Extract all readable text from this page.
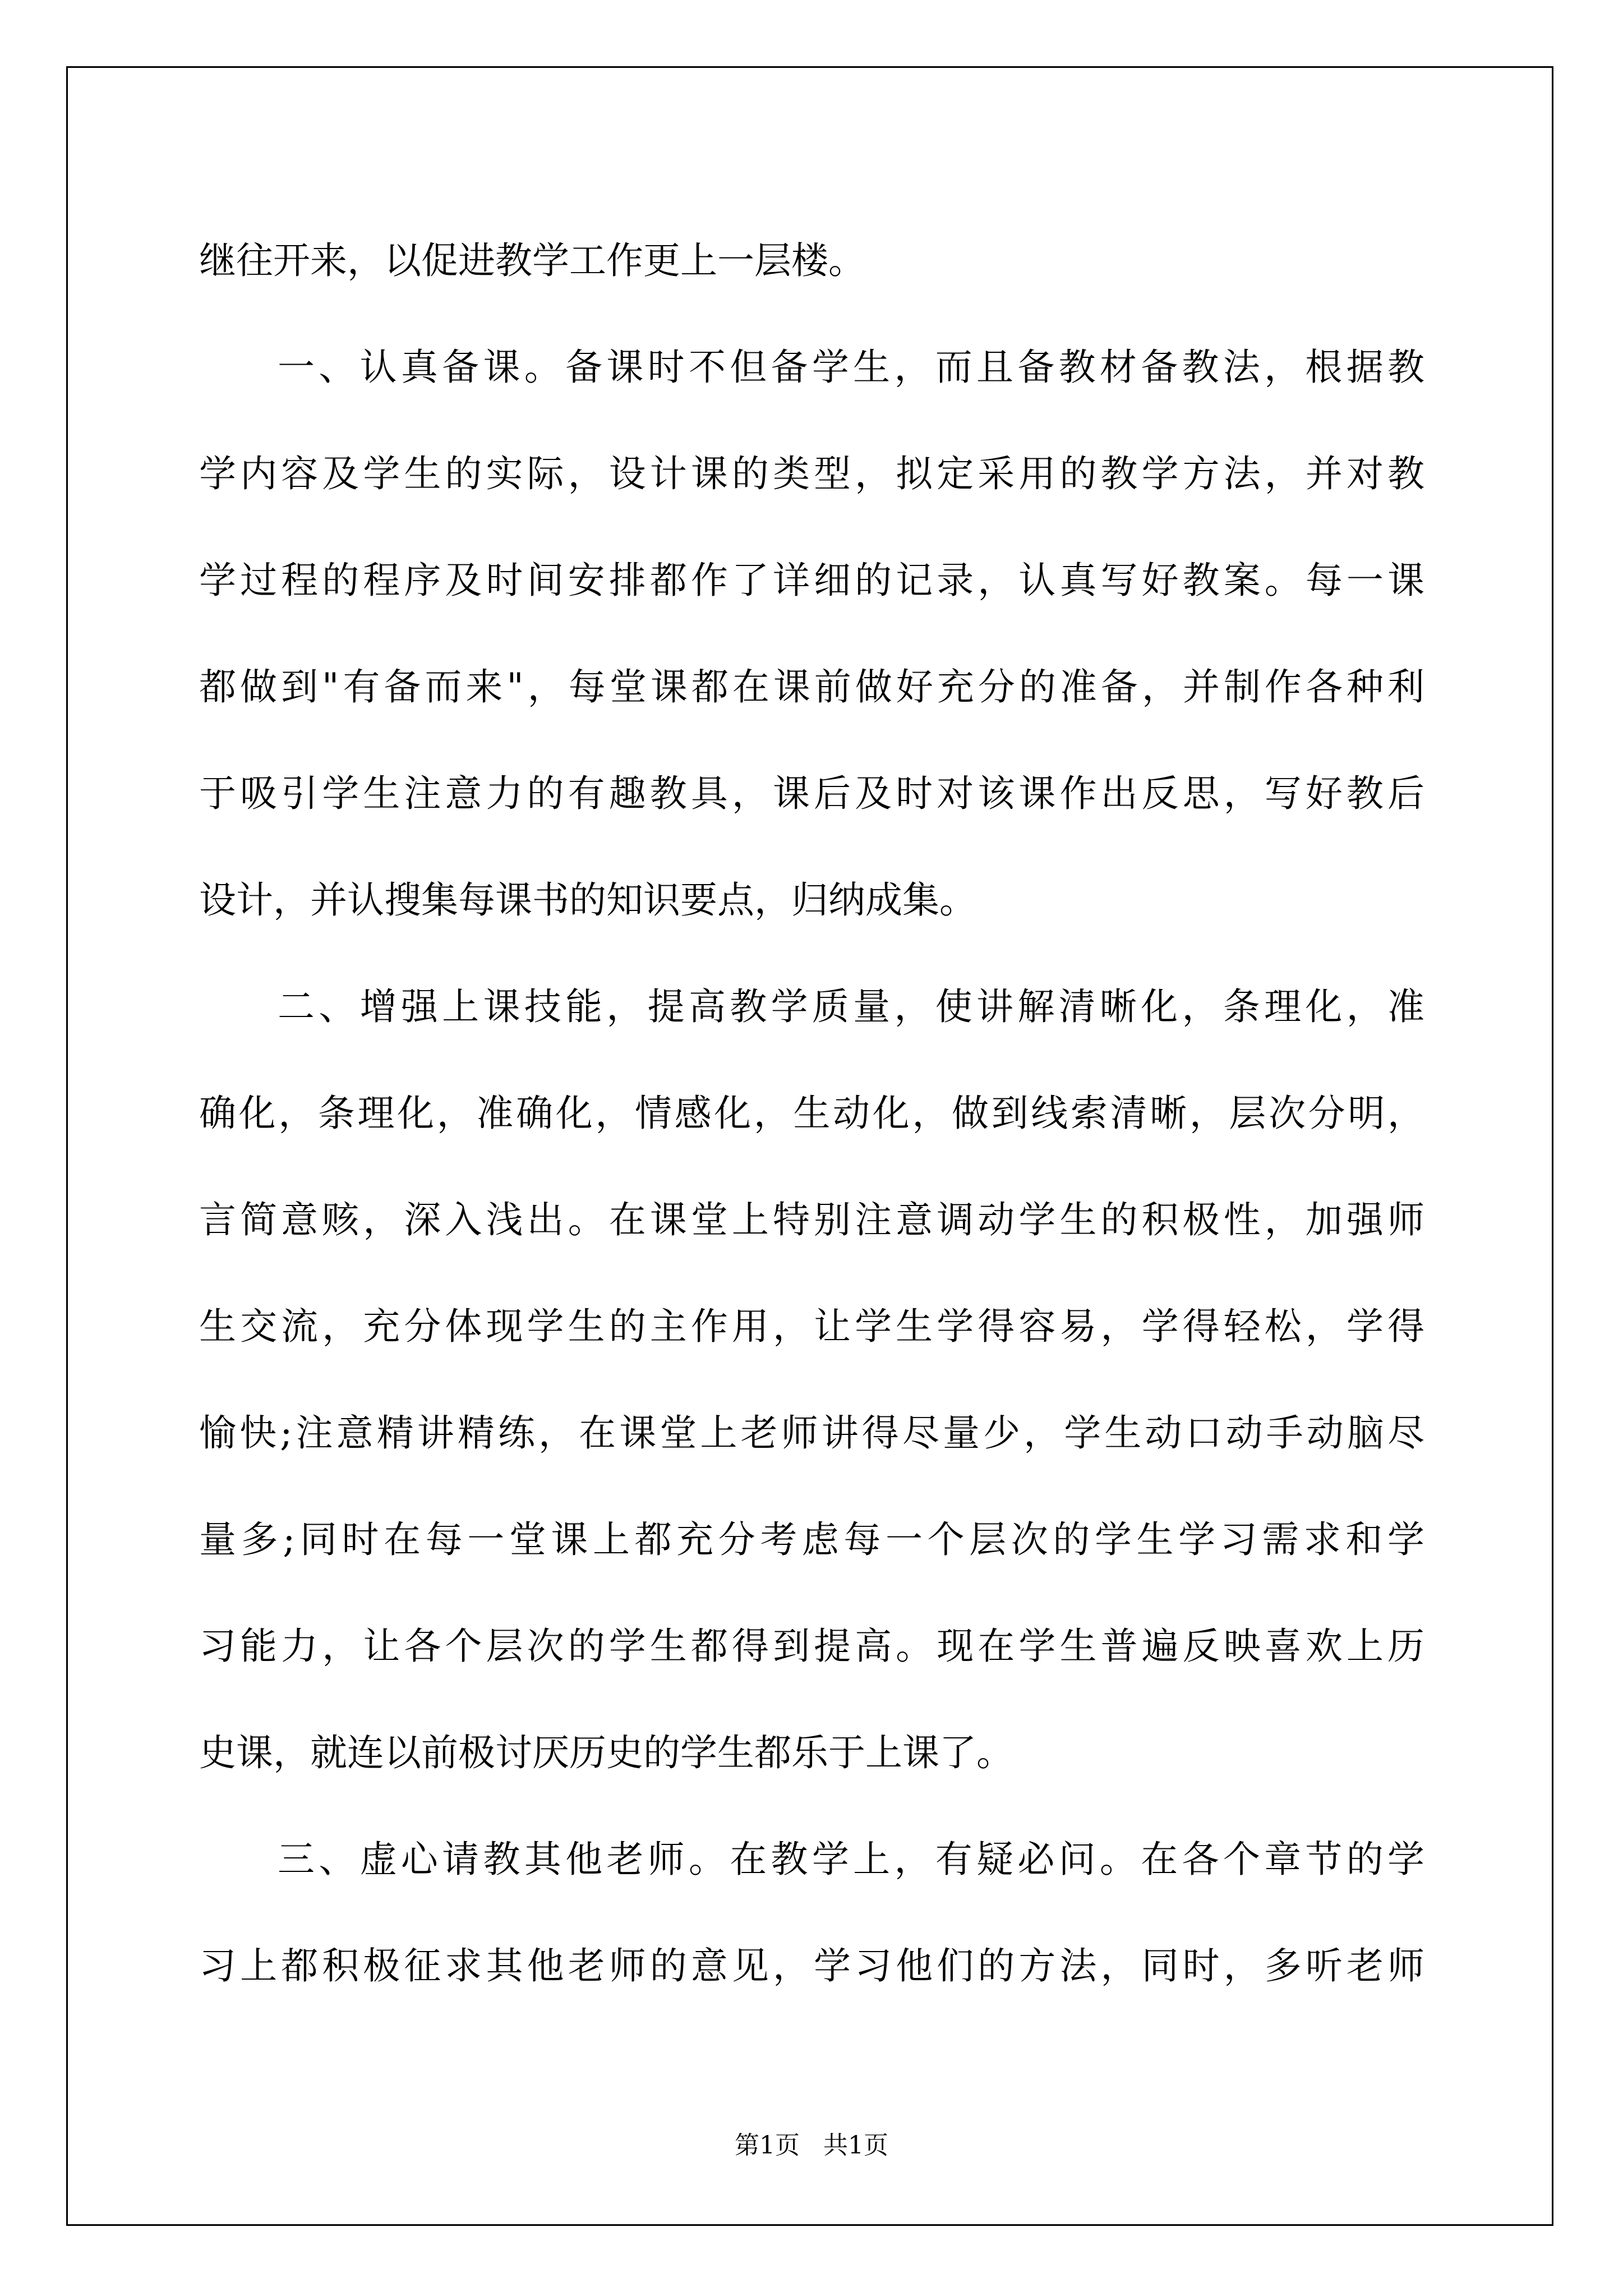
继往开来，以促进教学工作更上一层楼。
一、认真备课。备课时不但备学生，而且备教材备教法，根据教
学内容及学生的实际，设计课的类型，拟定采用的教学方法，并对教
学过程的程序及时间安排都作了详细的记录，认真写好教案。每一课
都做到"有备而来"，每堂课都在课前做好充分的准备，并制作各种利
于吸引学生注意力的有趣教具，课后及时对该课作出反思，写好教后
设计，并认搜集每课书的知识要点，归纳成集。
二、增强上课技能，提高教学质量，使讲解清晰化，条理化，准
确化，条理化，准确化，情感化，生动化，做到线索清晰，层次分明，
言简意赅，深入浅出。在课堂上特别注意调动学生的积极性，加强师
生交流，充分体现学生的主作用，让学生学得容易，学得轻松，学得
愉快;注意精讲精练，在课堂上老师讲得尽量少，学生动口动手动脑尽
量多;同时在每一堂课上都充分考虑每一个层次的学生学习需求和学
习能力，让各个层次的学生都得到提高。现在学生普遍反映喜欢上历
史课，就连以前极讨厌历史的学生都乐于上课了。
三、虚心请教其他老师。在教学上，有疑必问。在各个章节的学
习上都积极征求其他老师的意见，学习他们的方法，同时，多听老师
第1页   共1页
